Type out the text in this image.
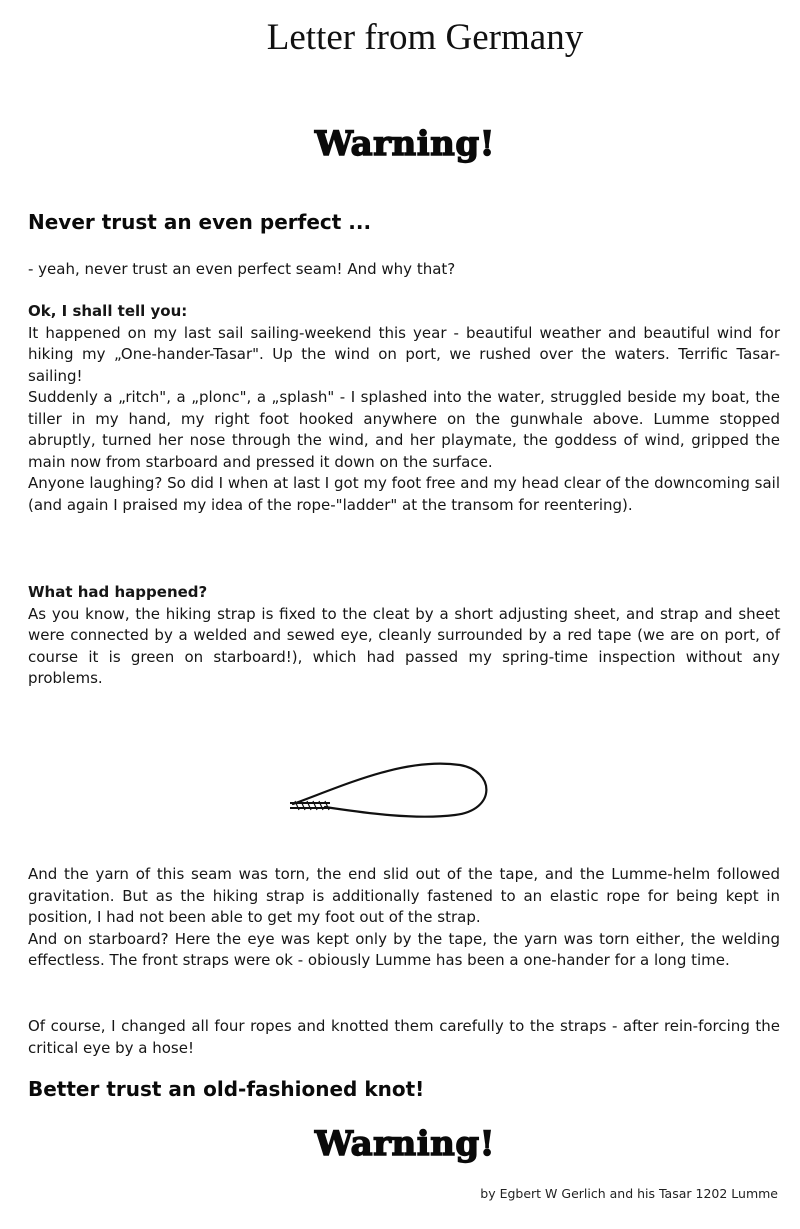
Letter from Germany
Warning!
Never trust an even perfect ...

- yeah, never trust an even perfect seam! And why that?

Ok, I shall tell you:

It happened on my last sail sailing-weekend this year - beautiful weather and beautiful wind for hiking my „One-hander-Tasar". Up the wind on port, we rushed over the waters. Terrific Tasar-sailing!

Suddenly a „ritch", a „plonc", a „splash" - I splashed into the water, struggled beside my boat, the tiller in my hand, my right foot hooked anywhere on the gunwhale above. Lumme stopped abruptly, turned her nose through the wind, and her playmate, the goddess of wind, gripped the main now from starboard and pressed it down on the surface.

Anyone laughing? So did I when at last I got my foot free and my head clear of the downcoming sail (and again I praised my idea of the rope-"ladder" at the transom for reentering).

What had happened?

As you know, the hiking strap is fixed to the cleat by a short adjusting sheet, and strap and sheet were connected by a welded and sewed eye, cleanly surrounded by a red tape (we are on port, of course it is green on starboard!), which had passed my spring-time inspection without any problems.

And the yarn of this seam was torn, the end slid out of the tape, and the Lumme-helm followed gravitation. But as the hiking strap is additionally fastened to an elastic rope for being kept in position, I had not been able to get my foot out of the strap.

And on starboard? Here the eye was kept only by the tape, the yarn was torn either, the welding effectless. The front straps were ok - obiously Lumme has been a one-hander for a long time.

Of course, I changed all four ropes and knotted them carefully to the straps - after rein-forcing the critical eye by a hose!

Better trust an old-fashioned knot!
Warning!
by Egbert W Gerlich and his Tasar 1202 Lumme
